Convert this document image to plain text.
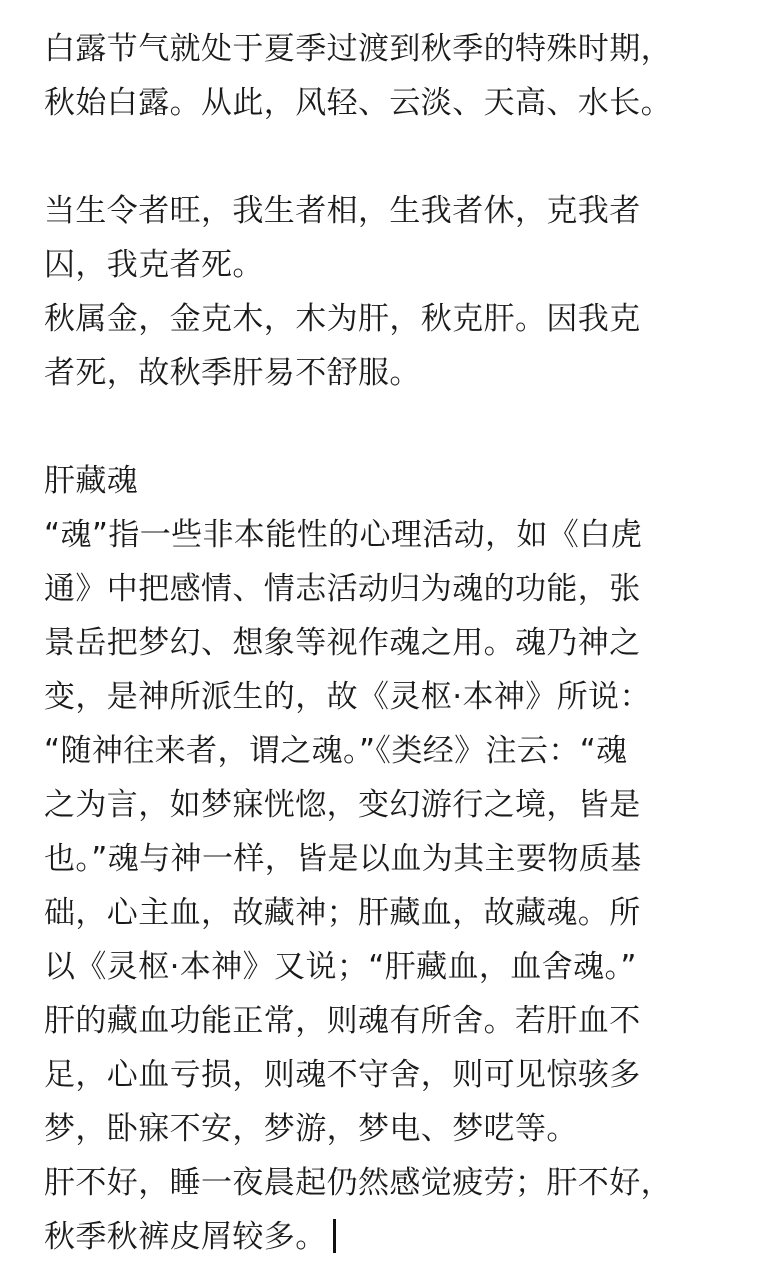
白露节气就处于夏季过渡到秋季的特殊时期，
秋始白露。从此，风轻、云淡、天高、水长。
当生令者旺，我生者相，生我者休，克我者
囚，我克者死。
秋属金，金克木，木为肝，秋克肝。因我克
者死，故秋季肝易不舒服。
肝藏魂
“魂”指一些非本能性的心理活动，如《白虎
通》中把感情、情志活动归为魂的功能，张
景岳把梦幻、想象等视作魂之用。魂乃神之
变，是神所派生的，故《灵枢·本神》所说：
“随神往来者，谓之魂。”《类经》注云：“魂
之为言，如梦寐恍惚，变幻游行之境，皆是
也。”魂与神一样，皆是以血为其主要物质基
础，心主血，故藏神；肝藏血，故藏魂。所
以《灵枢·本神》又说；“肝藏血，血舍魂。”
肝的藏血功能正常，则魂有所舍。若肝血不
足，心血亏损，则魂不守舍，则可见惊骇多
梦，卧寐不安，梦游，梦电、梦呓等。
肝不好，睡一夜晨起仍然感觉疲劳；肝不好，
秋季秋裤皮屑较多。
